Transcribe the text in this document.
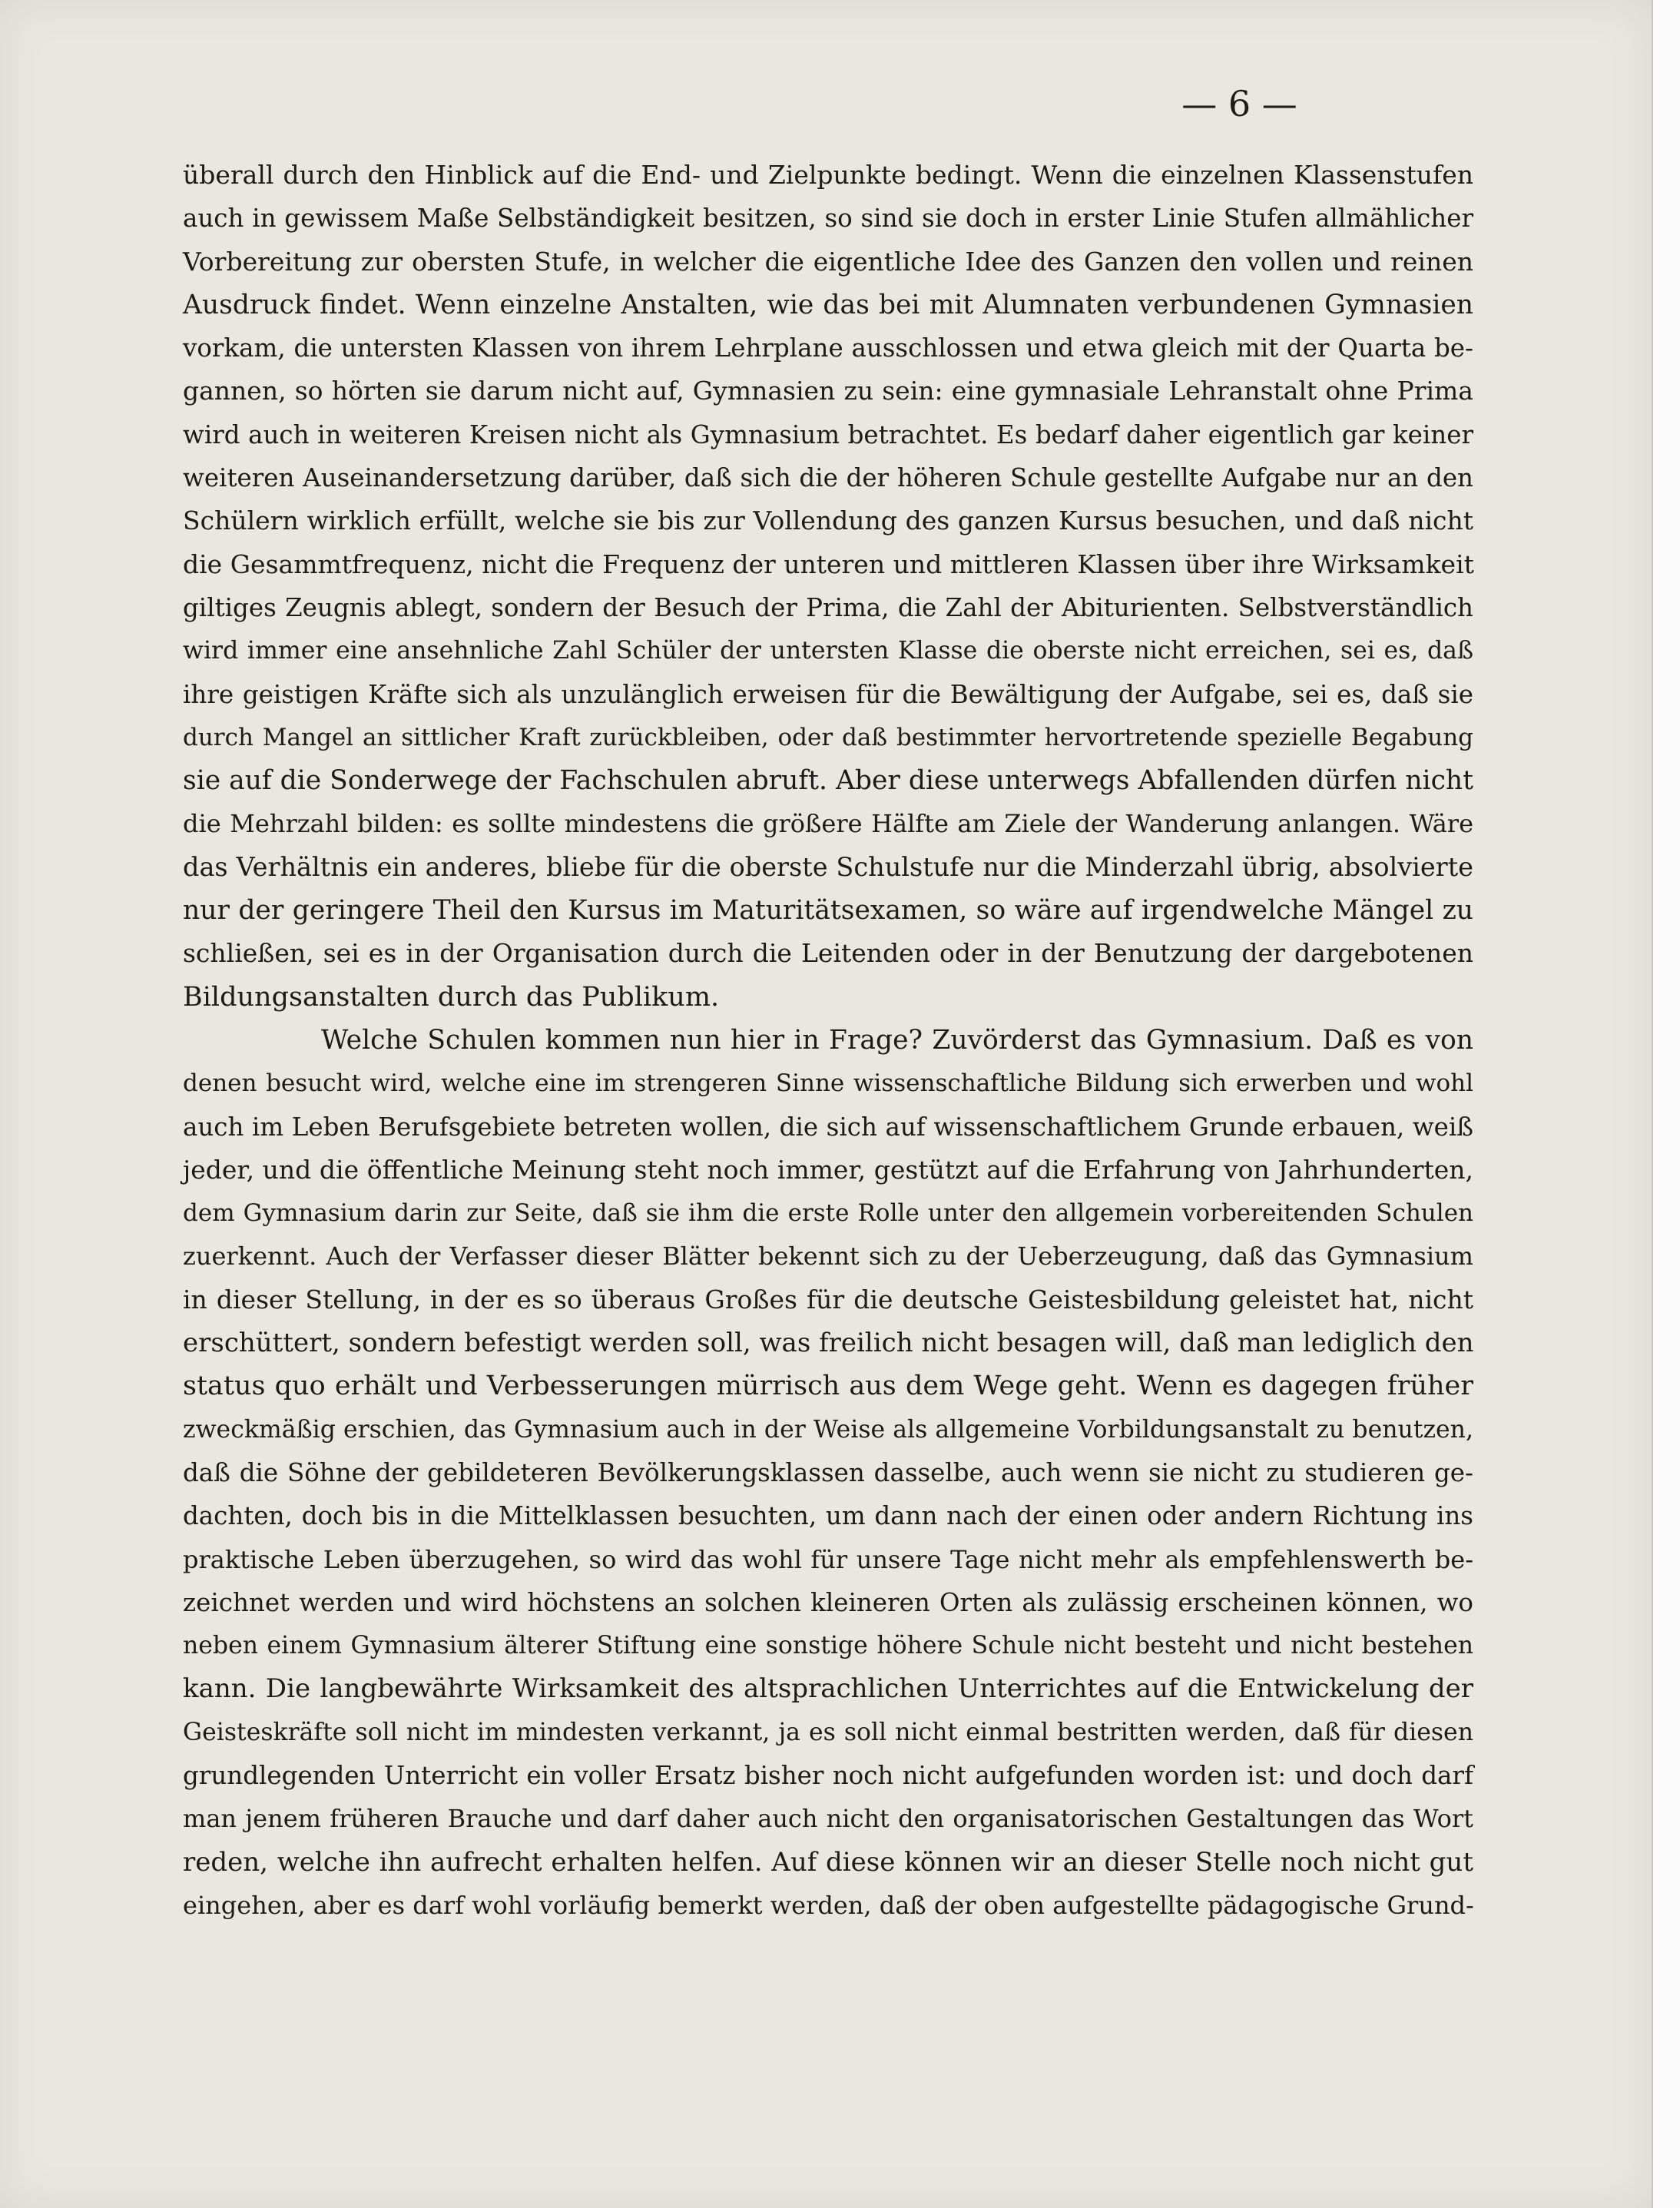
— 6 —
überall durch den Hinblick auf die End- und Zielpunkte bedingt. Wenn die einzelnen Klassenstufen
auch in gewissem Maße Selbständigkeit besitzen, so sind sie doch in erster Linie Stufen allmählicher
Vorbereitung zur obersten Stufe, in welcher die eigentliche Idee des Ganzen den vollen und reinen
Ausdruck findet. Wenn einzelne Anstalten, wie das bei mit Alumnaten verbundenen Gymnasien
vorkam, die untersten Klassen von ihrem Lehrplane ausschlossen und etwa gleich mit der Quarta be-
gannen, so hörten sie darum nicht auf, Gymnasien zu sein: eine gymnasiale Lehranstalt ohne Prima
wird auch in weiteren Kreisen nicht als Gymnasium betrachtet. Es bedarf daher eigentlich gar keiner
weiteren Auseinandersetzung darüber, daß sich die der höheren Schule gestellte Aufgabe nur an den
Schülern wirklich erfüllt, welche sie bis zur Vollendung des ganzen Kursus besuchen, und daß nicht
die Gesammtfrequenz, nicht die Frequenz der unteren und mittleren Klassen über ihre Wirksamkeit
giltiges Zeugnis ablegt, sondern der Besuch der Prima, die Zahl der Abiturienten. Selbstverständlich
wird immer eine ansehnliche Zahl Schüler der untersten Klasse die oberste nicht erreichen, sei es, daß
ihre geistigen Kräfte sich als unzulänglich erweisen für die Bewältigung der Aufgabe, sei es, daß sie
durch Mangel an sittlicher Kraft zurückbleiben, oder daß bestimmter hervortretende spezielle Begabung
sie auf die Sonderwege der Fachschulen abruft. Aber diese unterwegs Abfallenden dürfen nicht
die Mehrzahl bilden: es sollte mindestens die größere Hälfte am Ziele der Wanderung anlangen. Wäre
das Verhältnis ein anderes, bliebe für die oberste Schulstufe nur die Minderzahl übrig, absolvierte
nur der geringere Theil den Kursus im Maturitätsexamen, so wäre auf irgendwelche Mängel zu
schließen, sei es in der Organisation durch die Leitenden oder in der Benutzung der dargebotenen
Bildungsanstalten durch das Publikum.
Welche Schulen kommen nun hier in Frage? Zuvörderst das Gymnasium. Daß es von
denen besucht wird, welche eine im strengeren Sinne wissenschaftliche Bildung sich erwerben und wohl
auch im Leben Berufsgebiete betreten wollen, die sich auf wissenschaftlichem Grunde erbauen, weiß
jeder, und die öffentliche Meinung steht noch immer, gestützt auf die Erfahrung von Jahrhunderten,
dem Gymnasium darin zur Seite, daß sie ihm die erste Rolle unter den allgemein vorbereitenden Schulen
zuerkennt. Auch der Verfasser dieser Blätter bekennt sich zu der Ueberzeugung, daß das Gymnasium
in dieser Stellung, in der es so überaus Großes für die deutsche Geistesbildung geleistet hat, nicht
erschüttert, sondern befestigt werden soll, was freilich nicht besagen will, daß man lediglich den
status quo erhält und Verbesserungen mürrisch aus dem Wege geht. Wenn es dagegen früher
zweckmäßig erschien, das Gymnasium auch in der Weise als allgemeine Vorbildungsanstalt zu benutzen,
daß die Söhne der gebildeteren Bevölkerungsklassen dasselbe, auch wenn sie nicht zu studieren ge-
dachten, doch bis in die Mittelklassen besuchten, um dann nach der einen oder andern Richtung ins
praktische Leben überzugehen, so wird das wohl für unsere Tage nicht mehr als empfehlenswerth be-
zeichnet werden und wird höchstens an solchen kleineren Orten als zulässig erscheinen können, wo
neben einem Gymnasium älterer Stiftung eine sonstige höhere Schule nicht besteht und nicht bestehen
kann. Die langbewährte Wirksamkeit des altsprachlichen Unterrichtes auf die Entwickelung der
Geisteskräfte soll nicht im mindesten verkannt, ja es soll nicht einmal bestritten werden, daß für diesen
grundlegenden Unterricht ein voller Ersatz bisher noch nicht aufgefunden worden ist: und doch darf
man jenem früheren Brauche und darf daher auch nicht den organisatorischen Gestaltungen das Wort
reden, welche ihn aufrecht erhalten helfen. Auf diese können wir an dieser Stelle noch nicht gut
eingehen, aber es darf wohl vorläufig bemerkt werden, daß der oben aufgestellte pädagogische Grund-
